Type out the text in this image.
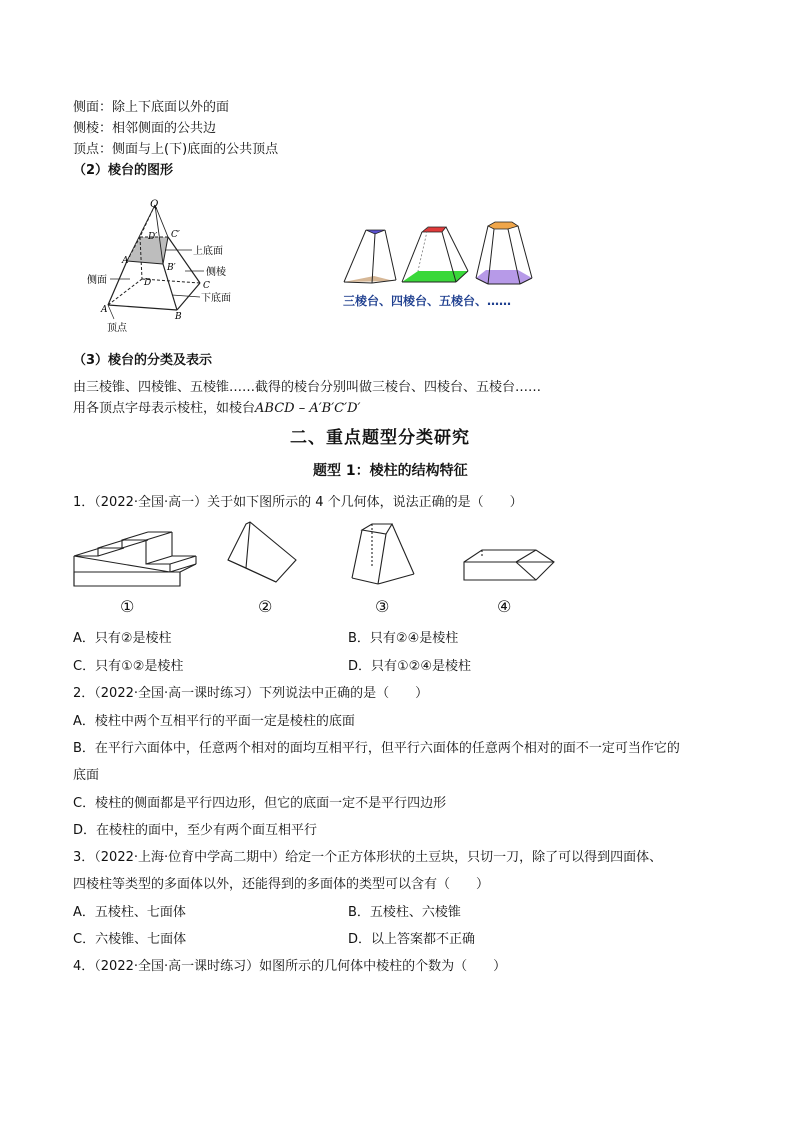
侧面：除上下底面以外的面
侧棱：相邻侧面的公共边
顶点：侧面与上(下)底面的公共顶点
（2）棱台的图形
Q
D′ C′
A′
B′
D	C
A
B
上底面
侧棱
下底面
侧面
顶点
三棱台、四棱台、五棱台、……
（3）棱台的分类及表示
由三棱锥、四棱锥、五棱锥……截得的棱台分别叫做三棱台、四棱台、五棱台……
用各顶点字母表示棱柱，如棱台ABCD – A′B′C′D′
二、重点题型分类研究
题型 1：棱柱的结构特征
1．（2022·全国·高一）关于如下图所示的 4 个几何体，说法正确的是（　　）
①	②	③	④
A．只有②是棱柱	B．只有②④是棱柱
C．只有①②是棱柱	D．只有①②④是棱柱
2．（2022·全国·高一课时练习）下列说法中正确的是（　　）
A．棱柱中两个互相平行的平面一定是棱柱的底面
B．在平行六面体中，任意两个相对的面均互相平行，但平行六面体的任意两个相对的面不一定可当作它的
底面
C．棱柱的侧面都是平行四边形，但它的底面一定不是平行四边形
D．在棱柱的面中，至少有两个面互相平行
3．（2022·上海·位育中学高二期中）给定一个正方体形状的土豆块，只切一刀，除了可以得到四面体、
四棱柱等类型的多面体以外，还能得到的多面体的类型可以含有（　　）
A．五棱柱、七面体	B．五棱柱、六棱锥
C．六棱锥、七面体	D．以上答案都不正确
4．（2022·全国·高一课时练习）如图所示的几何体中棱柱的个数为（　　）
